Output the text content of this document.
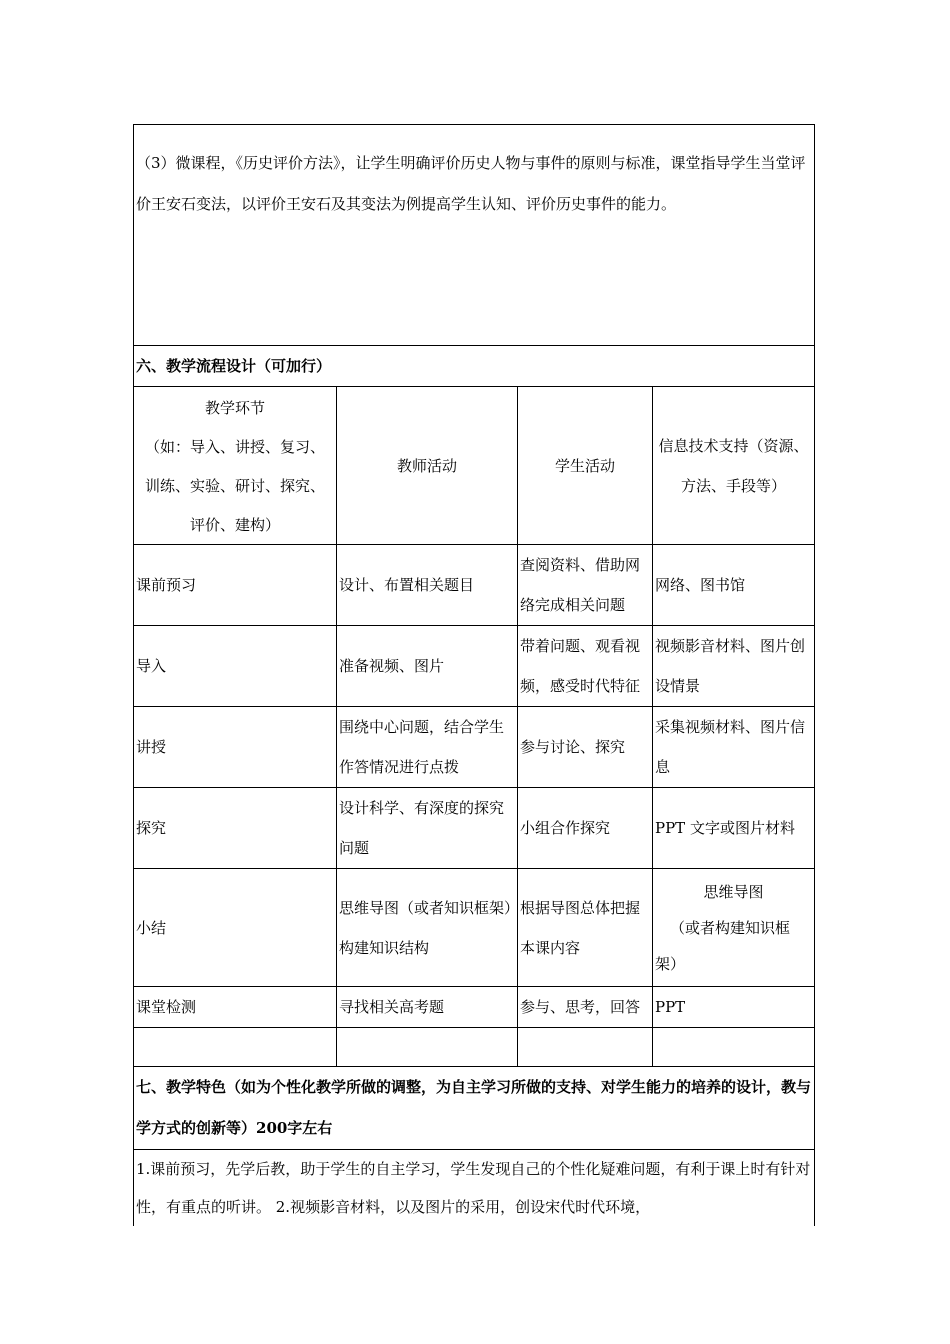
（3）微课程，《历史评价方法》，让学生明确评价历史人物与事件的原则与标准，课堂指导学生当堂评价王安石变法，以评价王安石及其变法为例提高学生认知、评价历史事件的能力。			
六、教学流程设计（可加行）			

教学环节
（如：导入、讲授、复习、
训练、实验、研讨、探究、
评价、建构）	教师活动	学生活动	信息技术支持（资源、方法、手段等）
课前预习	设计、布置相关题目	查阅资料、借助网络完成相关问题	网络、图书馆
导入	准备视频、图片	带着问题、观看视频，感受时代特征	视频影音材料、图片创设情景
讲授	围绕中心问题，结合学生作答情况进行点拨	参与讨论、探究	采集视频材料、图片信息
探究	设计科学、有深度的探究问题	小组合作探究	PPT 文字或图片材料
小结	思维导图（或者知识框架）构建知识结构	根据导图总体把握本课内容	思维导图
（或者构建知识框架）

课堂检测	寻找相关高考题	参与、思考，回答	PPT

七、教学特色（如为个性化教学所做的调整，为自主学习所做的支持、对学生能力的培养的设计，教与学方式的创新等）200字左右			
1.课前预习，先学后教，助于学生的自主学习，学生发现自己的个性化疑难问题，有利于课上时有针对性，有重点的听讲。 2.视频影音材料，以及图片的采用，创设宋代时代环境，			
